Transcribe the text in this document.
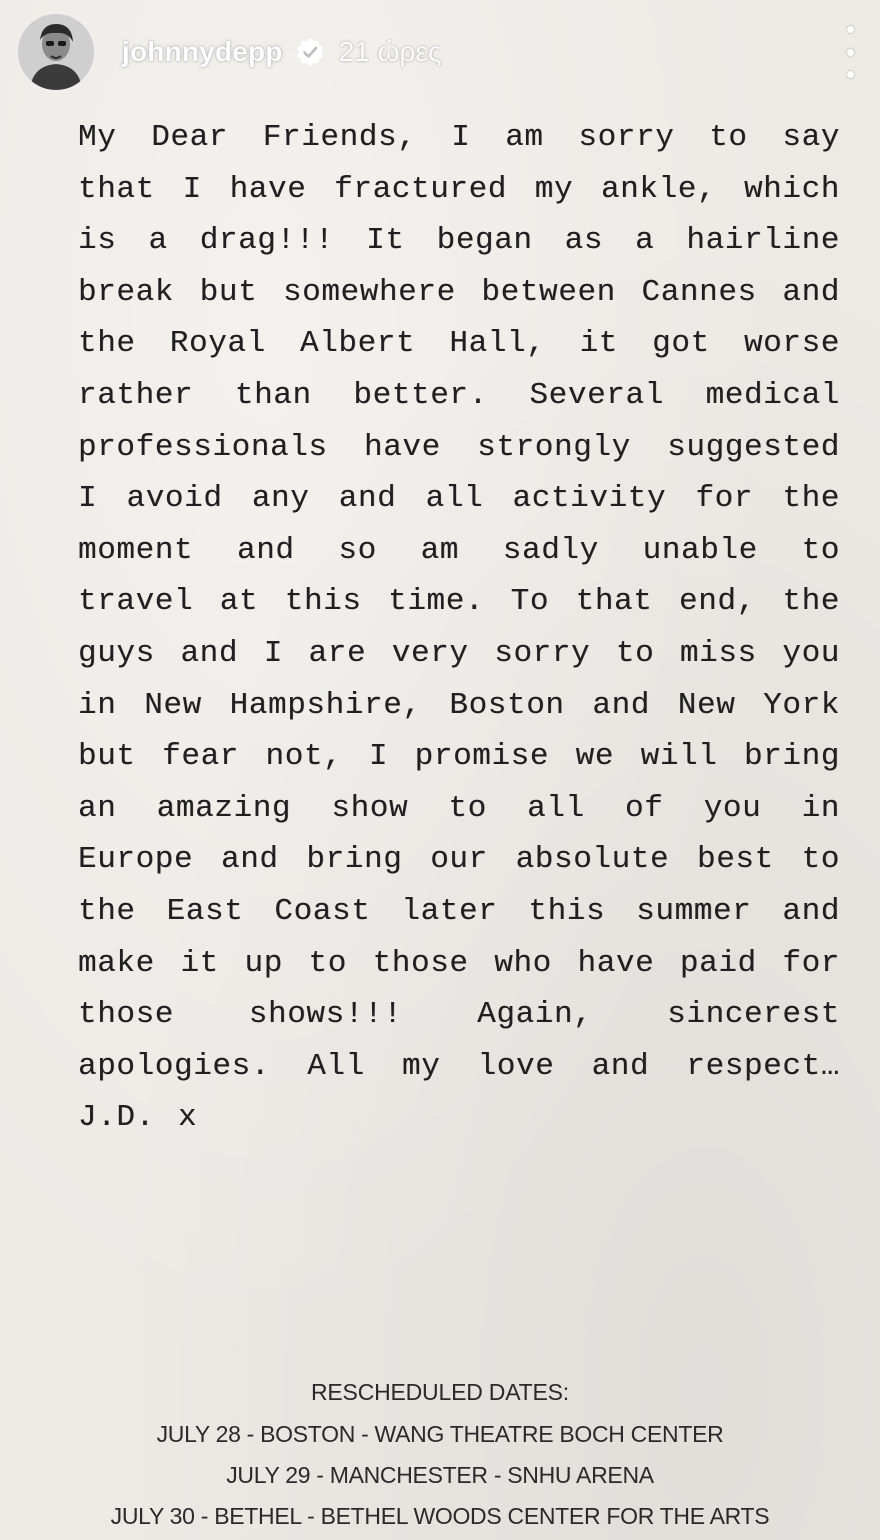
johnnydepp 21 ώρες

My Dear Friends, I am sorry to say that I have fractured my ankle, which is a drag!!! It began as a hairline break but somewhere between Cannes and the Royal Albert Hall, it got worse rather than better. Several medical professionals have strongly suggested I avoid any and all activity for the moment and so am sadly unable to travel at this time. To that end, the guys and I are very sorry to miss you in New Hampshire, Boston and New York but fear not, I promise we will bring an amazing show to all of you in Europe and bring our absolute best to the East Coast later this summer and make it up to those who have paid for those shows!!! Again, sincerest apologies. All my love and respect… J.D. x

RESCHEDULED DATES:
JULY 28 - BOSTON - WANG THEATRE BOCH CENTER
JULY 29 - MANCHESTER - SNHU ARENA
JULY 30 - BETHEL - BETHEL WOODS CENTER FOR THE ARTS
